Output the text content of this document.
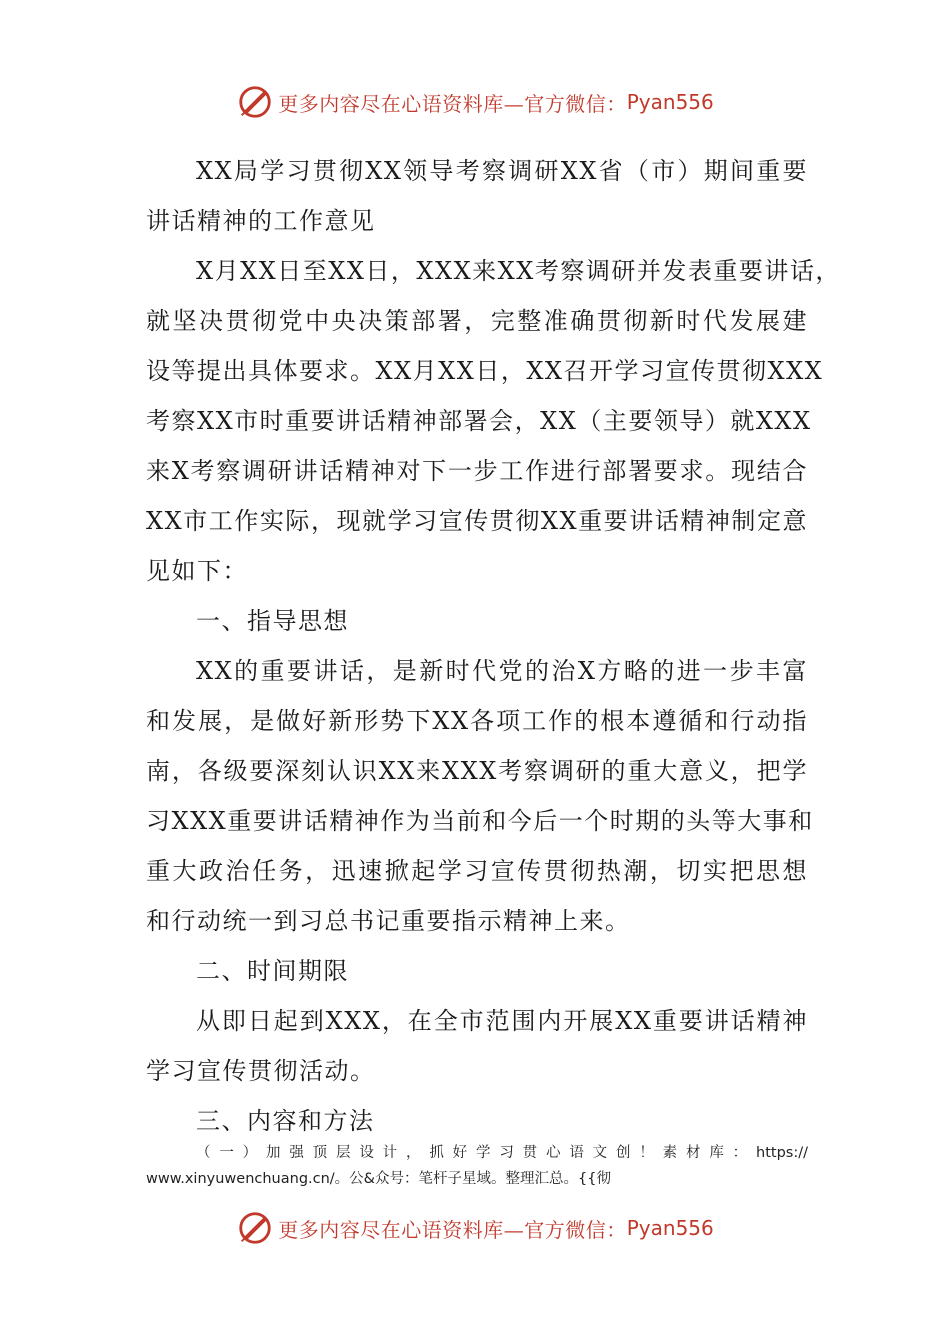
更多内容尽在心语资料库—官方微信： Pyan556
XX局学习贯彻XX领导考察调研XX省（市）期间重要
讲话精神的工作意见
X月XX日至XX日，XXX来XX考察调研并发表重要讲话，
就坚决贯彻党中央决策部署，完整准确贯彻新时代发展建
设等提出具体要求。XX月XX日，XX召开学习宣传贯彻XXX
考察XX市时重要讲话精神部署会，XX（主要领导）就XXX
来X考察调研讲话精神对下一步工作进行部署要求。现结合
XX市工作实际，现就学习宣传贯彻XX重要讲话精神制定意
见如下：
一、指导思想
XX的重要讲话，是新时代党的治X方略的进一步丰富
和发展，是做好新形势下XX各项工作的根本遵循和行动指
南，各级要深刻认识XX来XXX考察调研的重大意义，把学
习XXX重要讲话精神作为当前和今后一个时期的头等大事和
重大政治任务，迅速掀起学习宣传贯彻热潮，切实把思想
和行动统一到习总书记重要指示精神上来。
二、时间期限
从即日起到XXX，在全市范围内开展XX重要讲话精神
学习宣传贯彻活动。
三、内容和方法
（一）加强顶层设计，抓好学习贯心语文创！素材库：https://
www.xinyuwenchuang.cn/。公&众号：笔杆子星域。整理汇总。{{彻
更多内容尽在心语资料库—官方微信： Pyan556
